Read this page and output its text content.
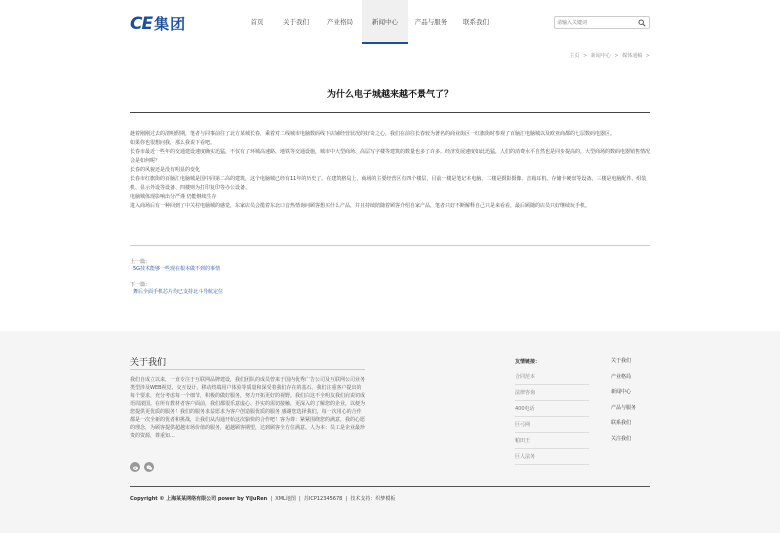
CE 集团	首页	关于我们	产业格局	新闻中心	产品与服务	联系我们
请输入关键词
主页 > 新闻中心 > 媒体通稿 >
为什么电子城越来越不景气了？

趁着刚刚过去的清明假期，笔者与同事前往了北方某城长春，乘着对二线城市电脑数码线下店铺经营状况的好奇之心，我们在前往长春较为著名的商业街区一红旗街时参观了百脑汇电脑城以及欧亚商都的七层数码电器区。

如果你也很想问我，那么我说下看吧。

长春市最近一些年的交通建设速度确实迅猛，不仅有了环城高速路、地铁等交通设施，城市中大型商场、高层写字楼等建筑的数量也多了许多。经济发展速度如此迅猛，人们的消费水平自然也是同步提高的，大型商场的数码电器销售情况会是如何呢？

长春的风貌还是没有明显的变化

长春市红旗街的百脑汇电脑城是国中同第二高的建筑，这个电脑城已经有11年的历史了。在建筑格局上，商场的主要经营区有四个楼层，目前一楼是笔记本电脑、二楼是摄影摄像、音箱耳机、存储卡硬盘等设备、三楼是电脑配件、组装机、显示外设等设备、四楼则为打印复印等办公设备。

电脑城体现影响出分严谨 仍能继续生存

进入商场后有一种回到了中关村电脑城的感觉，东家店员会揽着东北口音热情询问顾客想买什么产品，并且持续陪随着顾客介绍自家产品，笔者只好不断解释自己只是来看看，最后顾随的店员只好继续玩手机。

上一篇：
5G技术能够一些现在根本做不到的事情
下一篇：
舞后全面手机芯片均已支持北斗导航定位
关于我们
我们自成立以来，一直专注于互联网品牌建设，我们团队的成员曾来于国内优秀广告公司及互联网公司业务类型涉及WEB视觉、交互设计、移动终端用户体验等质量和深受着我们存在的基石。我们注重客户提出的每个要求，充分考虑每一个细节，积极的做好服务，努力开拓更好的视野。我们白这不全明友我们肩说切成语周滚国。在所有教材者客户面前，我们都很乐意虚心、扑实的需切接触，更深入的了解您的企业，以便为您提供更优质的服务！我们的服务求益愿求为客户创造服优质的服务 感谢您选择我们，每一次用心的合作都是一次全新的优者和挑战，让我们从沟通开始这次愉快的合作吧！客为尊：紧紧围绕您的满意，我的心愿的理念，为顾客提供超越市场价值的服务，超越顾客期望，达到顾客全方位满意。人为本：员工是企业最珍贵的资源，尊重知...
友情链接：
合同范本
法律咨询
400电话
巨弓网
帕田王
巨人法务
关于我们
产业格局
新闻中心
产品与服务
联系我们
关注我们
Copyright © 上海某某网络有限公司 power by YiJuRen  |  XML地图  |  苏ICP12345678  |  技术支持：织梦模板
